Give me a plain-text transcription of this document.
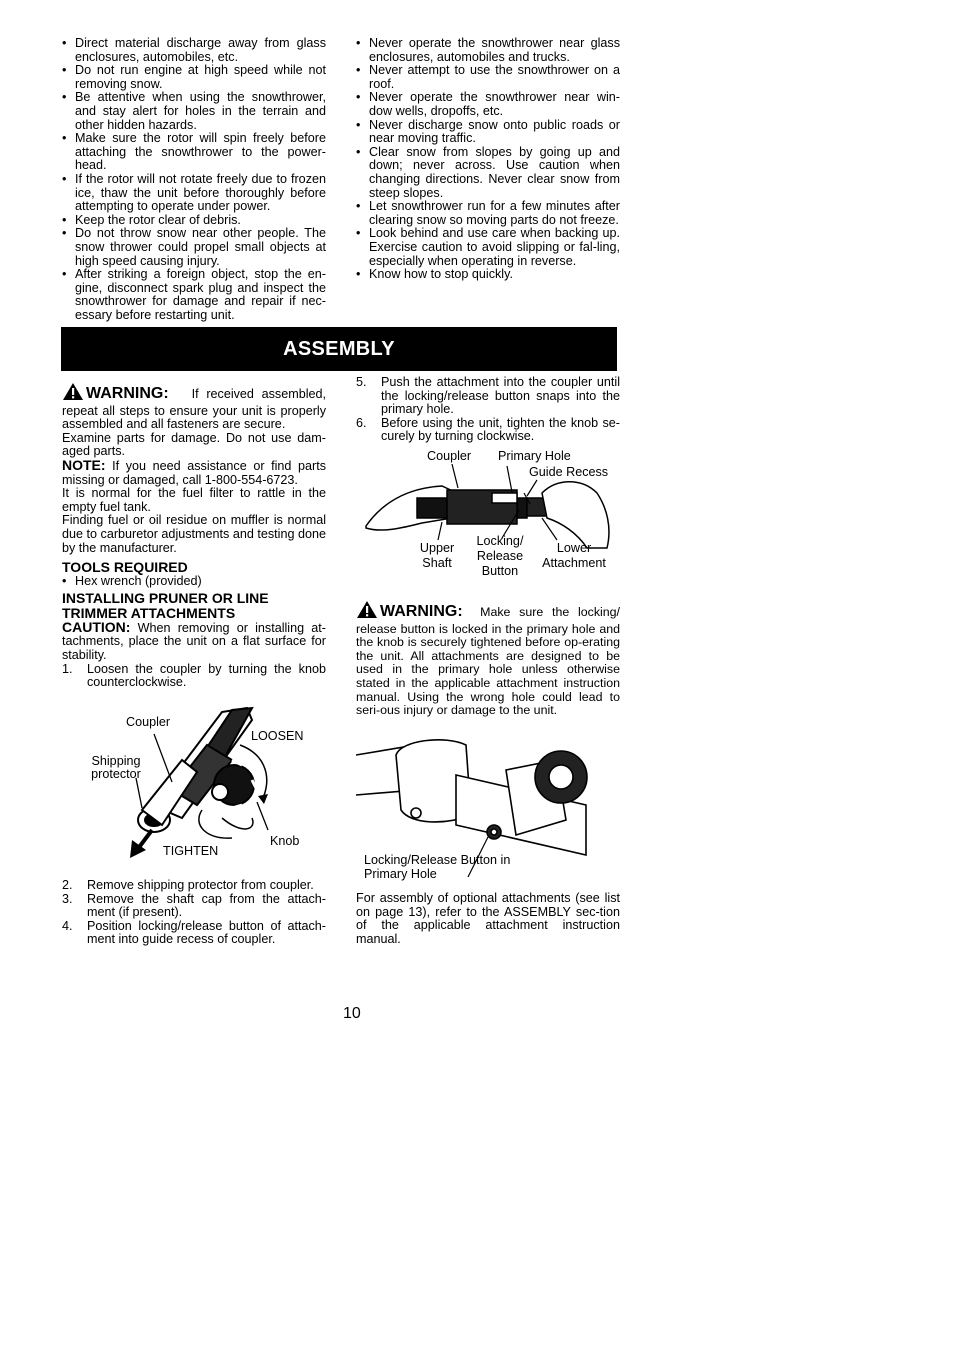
• Direct material discharge away from glass enclosures, automobiles, etc.
• Do not run engine at high speed while not removing snow.
• Be attentive when using the snowthrower, and stay alert for holes in the terrain and other hidden hazards.
• Make sure the rotor will spin freely before attaching the snowthrower to the power-head.
• If the rotor will not rotate freely due to frozen ice, thaw the unit before thoroughly before attempting to operate under power.
• Keep the rotor clear of debris.
• Do not throw snow near other people. The snow thrower could propel small objects at high speed causing injury.
• After striking a foreign object, stop the en-gine, disconnect spark plug and inspect the snowthrower for damage and repair if nec-essary before restarting unit.
• Never operate the snowthrower near glass enclosures, automobiles and trucks.
• Never attempt to use the snowthrower on a roof.
• Never operate the snowthrower near win-dow wells, dropoffs, etc.
• Never discharge snow onto public roads or near moving traffic.
• Clear snow from slopes by going up and down; never across. Use caution when changing directions. Never clear snow from steep slopes.
• Let snowthrower run for a few minutes after clearing snow so moving parts do not freeze.
• Look behind and use care when backing up. Exercise caution to avoid slipping or fal-ling, especially when operating in reverse.
• Know how to stop quickly.
ASSEMBLY

WARNING: If received assembled, repeat all steps to ensure your unit is properly assembled and all fasteners are secure.

Examine parts for damage. Do not use dam-aged parts.

NOTE: If you need assistance or find parts missing or damaged, call 1-800-554-6723.

It is normal for the fuel filter to rattle in the empty fuel tank.

Finding fuel or oil residue on muffler is normal due to carburetor adjustments and testing done by the manufacturer.

TOOLS REQUIRED
• Hex wrench (provided)
INSTALLING PRUNER OR LINE TRIMMER ATTACHMENTS

CAUTION: When removing or installing at-tachments, place the unit on a flat surface for stability.

1. Loosen the coupler by turning the knob counterclockwise.
Coupler
LOOSEN
Shipping protector
Knob
TIGHTEN
2. Remove shipping protector from coupler.
3. Remove the shaft cap from the attach-ment (if present).
4. Position locking/release button of attach-ment into guide recess of coupler.
5. Push the attachment into the coupler until the locking/release button snaps into the primary hole.
6. Before using the unit, tighten the knob se-curely by turning clockwise.
Coupler Primary Hole
Guide Recess
Upper Shaft
Locking/ Release Button
Lower Attachment

WARNING: Make sure the locking/ release button is locked in the primary hole and the knob is securely tightened before op-erating the unit. All attachments are designed to be used in the primary hole unless otherwise stated in the applicable attachment instruction manual. Using the wrong hole could lead to seri-ous injury or damage to the unit.

Locking/Release Button in Primary Hole

For assembly of optional attachments (see list on page 13), refer to the ASSEMBLY sec-tion of the applicable attachment instruction manual.

10
